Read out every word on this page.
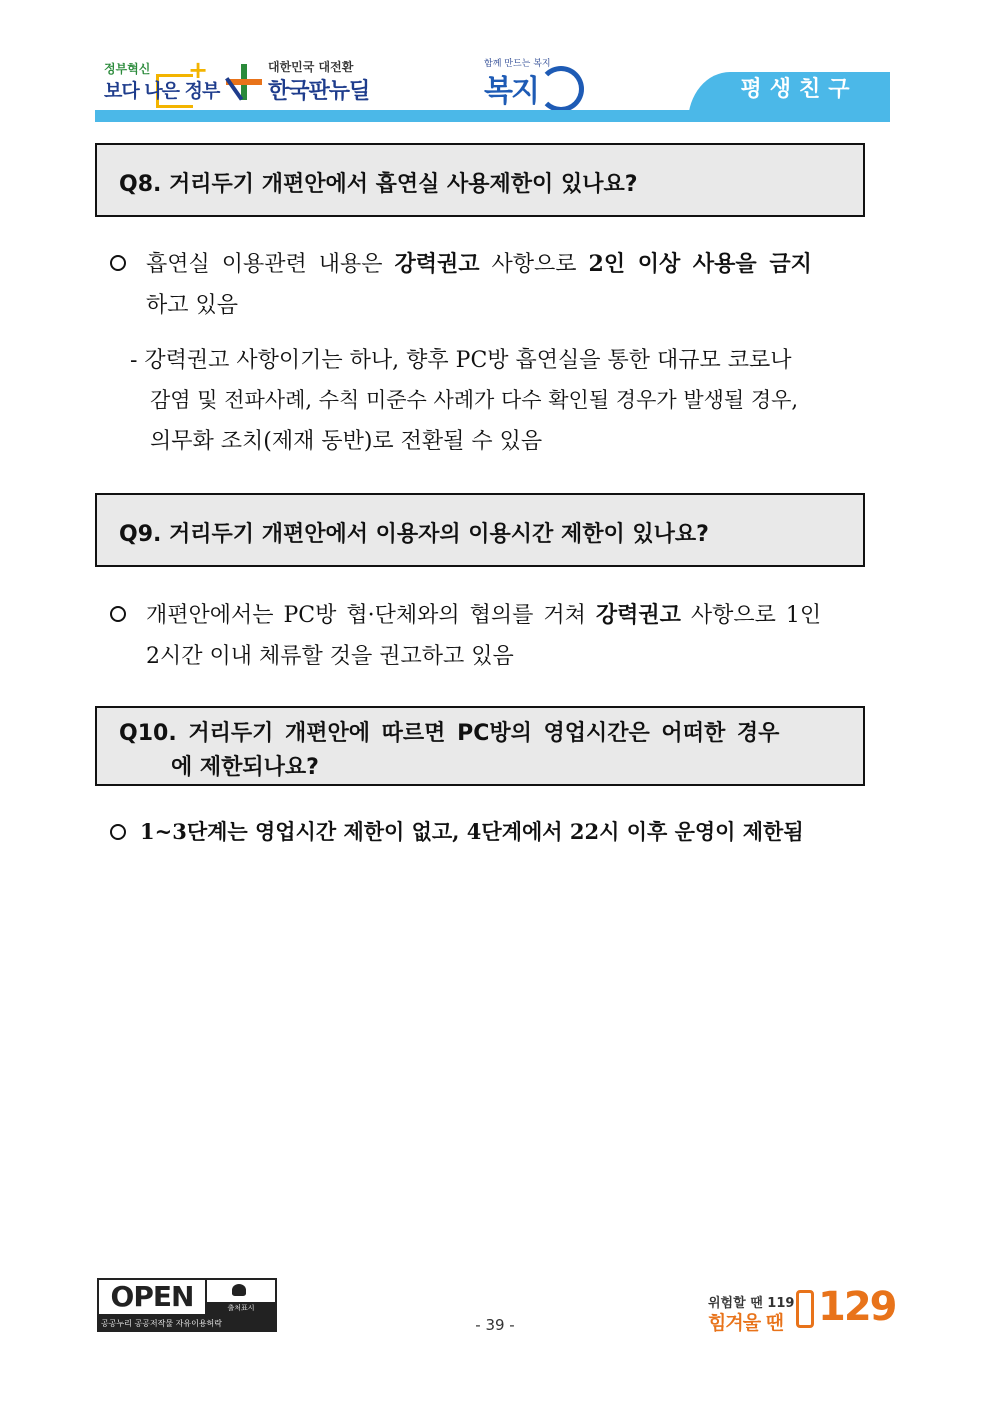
정부혁신
보다 나은 정부
+	대한민국 대전환
한국판뉴딜
함께 만드는 복지
복지	평생친구
Q8. 거리두기 개편안에서 흡연실 사용제한이 있나요?
흡연실 이용관련 내용은 강력권고 사항으로 2인 이상 사용을 금지
하고 있음
- 강력권고 사항이기는 하나, 향후 PC방 흡연실을 통한 대규모 코로나
감염 및 전파사례, 수칙 미준수 사례가 다수 확인될 경우가 발생될 경우,
의무화 조치(제재 동반)로 전환될 수 있음
Q9. 거리두기 개편안에서 이용자의 이용시간 제한이 있나요?
개편안에서는 PC방 협·단체와의 협의를 거쳐 강력권고 사항으로 1인
2시간 이내 체류할 것을 권고하고 있음
Q10. 거리두기 개편안에 따르면 PC방의 영업시간은 어떠한 경우
에 제한되나요?
1~3단계는 영업시간 제한이 없고, 4단계에서 22시 이후 운영이 제한됨
OPEN	출처표시
공공누리 공공저작물 자유이용허락	- 39 -
위험할 땐 119
힘겨울 땐 129
